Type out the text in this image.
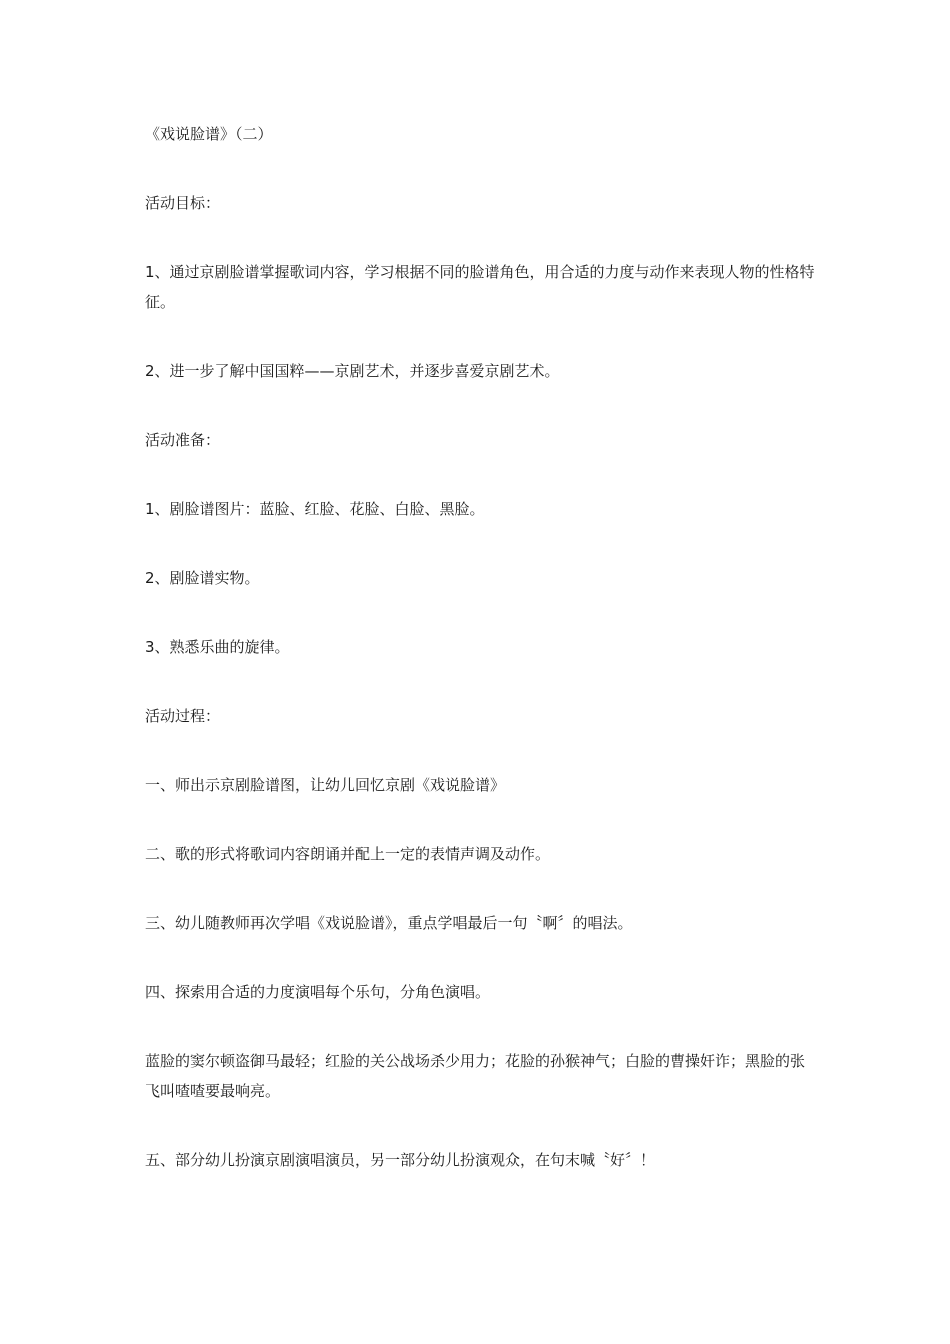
《戏说脸谱》（二）

活动目标：

1、通过京剧脸谱掌握歌词内容，学习根据不同的脸谱角色，用合适的力度与动作来表现人物的性格特征。

2、进一步了解中国国粹——京剧艺术，并逐步喜爱京剧艺术。

活动准备：

1、剧脸谱图片：蓝脸、红脸、花脸、白脸、黑脸。

2、剧脸谱实物。

3、熟悉乐曲的旋律。

活动过程：

一、师出示京剧脸谱图，让幼儿回忆京剧《戏说脸谱》

二、歌的形式将歌词内容朗诵并配上一定的表情声调及动作。

三、幼儿随教师再次学唱《戏说脸谱》，重点学唱最后一句〝啊〞的唱法。

四、探索用合适的力度演唱每个乐句，分角色演唱。

蓝脸的窦尔顿盗御马最轻；红脸的关公战场杀少用力；花脸的孙猴神气；白脸的曹操奸诈；黑脸的张飞叫喳喳要最响亮。

五、部分幼儿扮演京剧演唱演员，另一部分幼儿扮演观众，在句末喊〝好〞！
